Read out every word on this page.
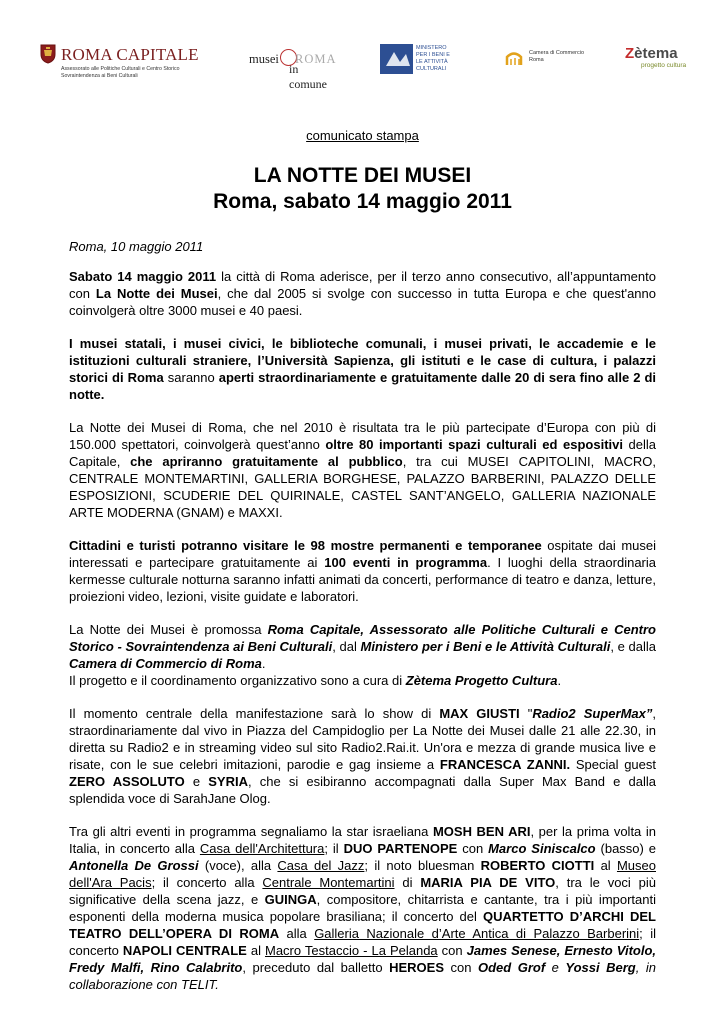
ROMA CAPITALE
Assessorato alle Politiche Culturali e Centro Storico
Sovraintendenza ai Beni Culturali
musei ROMA
in comune
MINISTERO
PER I BENI E
LE ATTIVITÀ
CULTURALI
Camera di Commercio
Roma	Zètema
progetto cultura
comunicato stampa
LA NOTTE DEI MUSEI
Roma, sabato 14 maggio 2011
Roma, 10 maggio 2011

Sabato 14 maggio 2011 la città di Roma aderisce, per il terzo anno consecutivo, all’appuntamento con La Notte dei Musei, che dal 2005 si svolge con successo in tutta Europa e che quest'anno coinvolgerà oltre 3000 musei e 40 paesi.

I musei statali, i musei civici, le biblioteche comunali, i musei privati, le accademie e le istituzioni culturali straniere, l’Università Sapienza, gli istituti e le case di cultura, i palazzi storici di Roma saranno aperti straordinariamente e gratuitamente dalle 20 di sera fino alle 2 di notte.

La Notte dei Musei di Roma, che nel 2010 è risultata tra le più partecipate d’Europa con più di 150.000 spettatori, coinvolgerà quest’anno oltre 80 importanti spazi culturali ed espositivi della Capitale, che apriranno gratuitamente al pubblico, tra cui MUSEI CAPITOLINI, MACRO, CENTRALE MONTEMARTINI, GALLERIA BORGHESE, PALAZZO BARBERINI, PALAZZO DELLE ESPOSIZIONI, SCUDERIE DEL QUIRINALE, CASTEL SANT’ANGELO, GALLERIA NAZIONALE ARTE MODERNA (GNAM) e MAXXI.

Cittadini e turisti potranno visitare le 98 mostre permanenti e temporanee ospitate dai musei interessati e partecipare gratuitamente ai 100 eventi in programma. I luoghi della straordinaria kermesse culturale notturna saranno infatti animati da concerti, performance di teatro e danza, letture, proiezioni video, lezioni, visite guidate e laboratori.

La Notte dei Musei è promossa Roma Capitale, Assessorato alle Politiche Culturali e Centro Storico - Sovraintendenza ai Beni Culturali, dal Ministero per i Beni e le Attività Culturali, e dalla Camera di Commercio di Roma.
Il progetto e il coordinamento organizzativo sono a cura di Zètema Progetto Cultura.

Il momento centrale della manifestazione sarà lo show di MAX GIUSTI "Radio2 SuperMax”, straordinariamente dal vivo in Piazza del Campidoglio per La Notte dei Musei dalle 21 alle 22.30, in diretta su Radio2 e in streaming video sul sito Radio2.Rai.it. Un'ora e mezza di grande musica live e risate, con le sue celebri imitazioni, parodie e gag insieme a FRANCESCA ZANNI. Special guest ZERO ASSOLUTO e SYRIA, che si esibiranno accompagnati dalla Super Max Band e dalla splendida voce di SarahJane Olog.

Tra gli altri eventi in programma segnaliamo la star israeliana MOSH BEN ARI, per la prima volta in Italia, in concerto alla Casa dell'Architettura; il DUO PARTENOPE con Marco Siniscalco (basso) e Antonella De Grossi (voce), alla Casa del Jazz; il noto bluesman ROBERTO CIOTTI al Museo dell'Ara Pacis; il concerto alla Centrale Montemartini di MARIA PIA DE VITO, tra le voci più significative della scena jazz, e GUINGA, compositore, chitarrista e cantante, tra i più importanti esponenti della moderna musica popolare brasiliana; il concerto del QUARTETTO D’ARCHI DEL TEATRO DELL’OPERA DI ROMA alla Galleria Nazionale d’Arte Antica di Palazzo Barberini; il concerto NAPOLI CENTRALE al Macro Testaccio - La Pelanda con James Senese, Ernesto Vitolo, Fredy Malfi, Rino Calabrito, preceduto dal balletto HEROES con Oded Grof e Yossi Berg, in collaborazione con TELIT.
